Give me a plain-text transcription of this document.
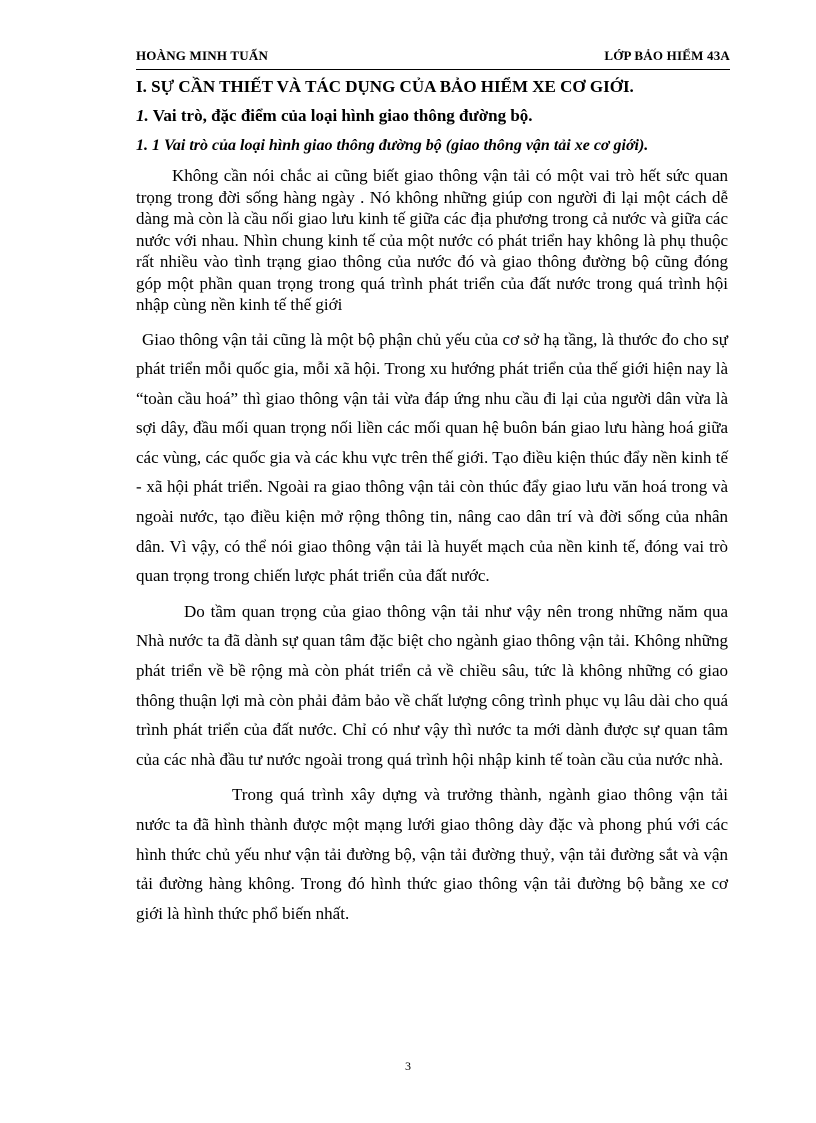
HOÀNG MINH TUẤN	LỚP BẢO HIỂM 43A
I. SỰ CẦN THIẾT VÀ TÁC DỤNG CỦA BẢO HIỂM XE CƠ GIỚI.
1. Vai trò, đặc điểm của loại hình giao thông đường bộ.
1. 1 Vai trò của loại hình giao thông đường bộ (giao thông vận tải xe cơ giới).

Không cần nói chắc ai cũng biết giao thông vận tải có một vai trò hết sức quan trọng trong đời sống hàng ngày . Nó không những giúp con người đi lại một cách dễ dàng mà còn là cầu nối giao lưu kinh tế giữa các địa phương trong cả nước và giữa các nước với nhau. Nhìn chung kinh tế của một nước có phát triển hay không là phụ thuộc rất nhiều vào tình trạng giao thông của nước đó và giao thông đường bộ cũng đóng góp một phần quan trọng trong quá trình phát triển của đất nước trong quá trình hội nhập cùng nền kinh tế thế giới

Giao thông vận tải cũng là một bộ phận chủ yếu của cơ sở hạ tầng, là thước đo cho sự phát triển mỗi quốc gia, mỗi xã hội. Trong xu hướng phát triển của thế giới hiện nay là “toàn cầu hoá” thì giao thông vận tải vừa đáp ứng nhu cầu đi lại của người dân vừa là sợi dây, đầu mối quan trọng nối liền các mối quan hệ buôn bán giao lưu hàng hoá giữa các vùng, các quốc gia và các khu vực trên thế giới. Tạo điều kiện thúc đẩy nền kinh tế - xã hội phát triển. Ngoài ra giao thông vận tải còn thúc đẩy giao lưu văn hoá trong và ngoài nước, tạo điều kiện mở rộng thông tin, nâng cao dân trí và đời sống của nhân dân. Vì vậy, có thể nói giao thông vận tải là huyết mạch của nền kinh tế, đóng vai trò quan trọng trong chiến lược phát triển của đất nước.

Do tầm quan trọng của giao thông vận tải như vậy nên trong những năm qua Nhà nước ta đã dành sự quan tâm đặc biệt cho ngành giao thông vận tải. Không những phát triển về bề rộng mà còn phát triển cả về chiều sâu, tức là không những có giao thông thuận lợi mà còn phải đảm bảo về chất lượng công trình phục vụ lâu dài cho quá trình phát triển của đất nước. Chỉ có như vậy thì nước ta mới dành được sự quan tâm của các nhà đầu tư nước ngoài trong quá trình hội nhập kinh tế toàn cầu của nước nhà.

Trong quá trình xây dựng và trưởng thành, ngành giao thông vận tải nước ta đã hình thành được một mạng lưới giao thông dày đặc và phong phú với các hình thức chủ yếu như vận tải đường bộ, vận tải đường thuỷ, vận tải đường sắt và vận tải đường hàng không. Trong đó hình thức giao thông vận tải đường bộ bằng xe cơ giới là hình thức phổ biến nhất.

3
